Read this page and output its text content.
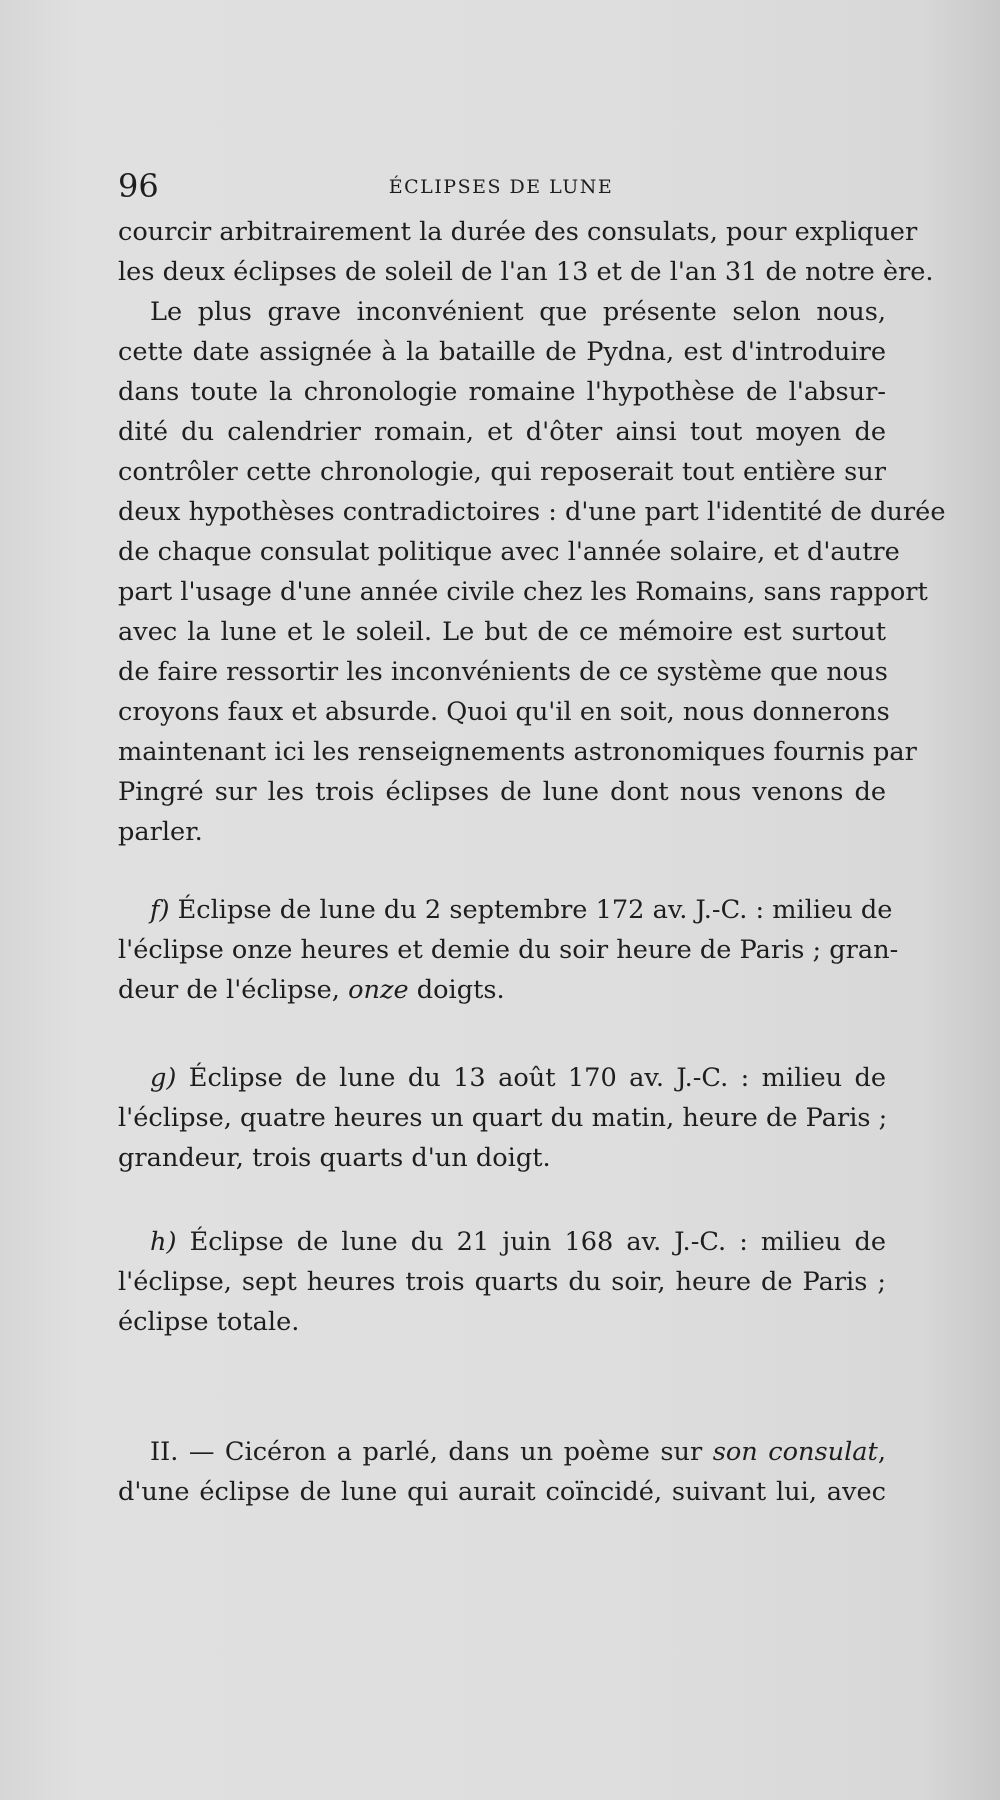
96	ÉCLIPSES DE LUNE
courcir arbitrairement la durée des consulats, pour expliquer
les deux éclipses de soleil de l'an 13 et de l'an 31 de notre ère.
Le plus grave inconvénient que présente selon nous,
cette date assignée à la bataille de Pydna, est d'introduire
dans toute la chronologie romaine l'hypothèse de l'absur-
dité du calendrier romain, et d'ôter ainsi tout moyen de
contrôler cette chronologie, qui reposerait tout entière sur
deux hypothèses contradictoires : d'une part l'identité de durée
de chaque consulat politique avec l'année solaire, et d'autre
part l'usage d'une année civile chez les Romains, sans rapport
avec la lune et le soleil. Le but de ce mémoire est surtout
de faire ressortir les inconvénients de ce système que nous
croyons faux et absurde. Quoi qu'il en soit, nous donnerons
maintenant ici les renseignements astronomiques fournis par
Pingré sur les trois éclipses de lune dont nous venons de
parler.
f) Éclipse de lune du 2 septembre 172 av. J.-C. : milieu de
l'éclipse onze heures et demie du soir heure de Paris ; gran-
deur de l'éclipse, onze doigts.
g) Éclipse de lune du 13 août 170 av. J.-C. : milieu de
l'éclipse, quatre heures un quart du matin, heure de Paris ;
grandeur, trois quarts d'un doigt.
h) Éclipse de lune du 21 juin 168 av. J.-C. : milieu de
l'éclipse, sept heures trois quarts du soir, heure de Paris ;
éclipse totale.
II. — Cicéron a parlé, dans un poème sur son consulat,
d'une éclipse de lune qui aurait coïncidé, suivant lui, avec
